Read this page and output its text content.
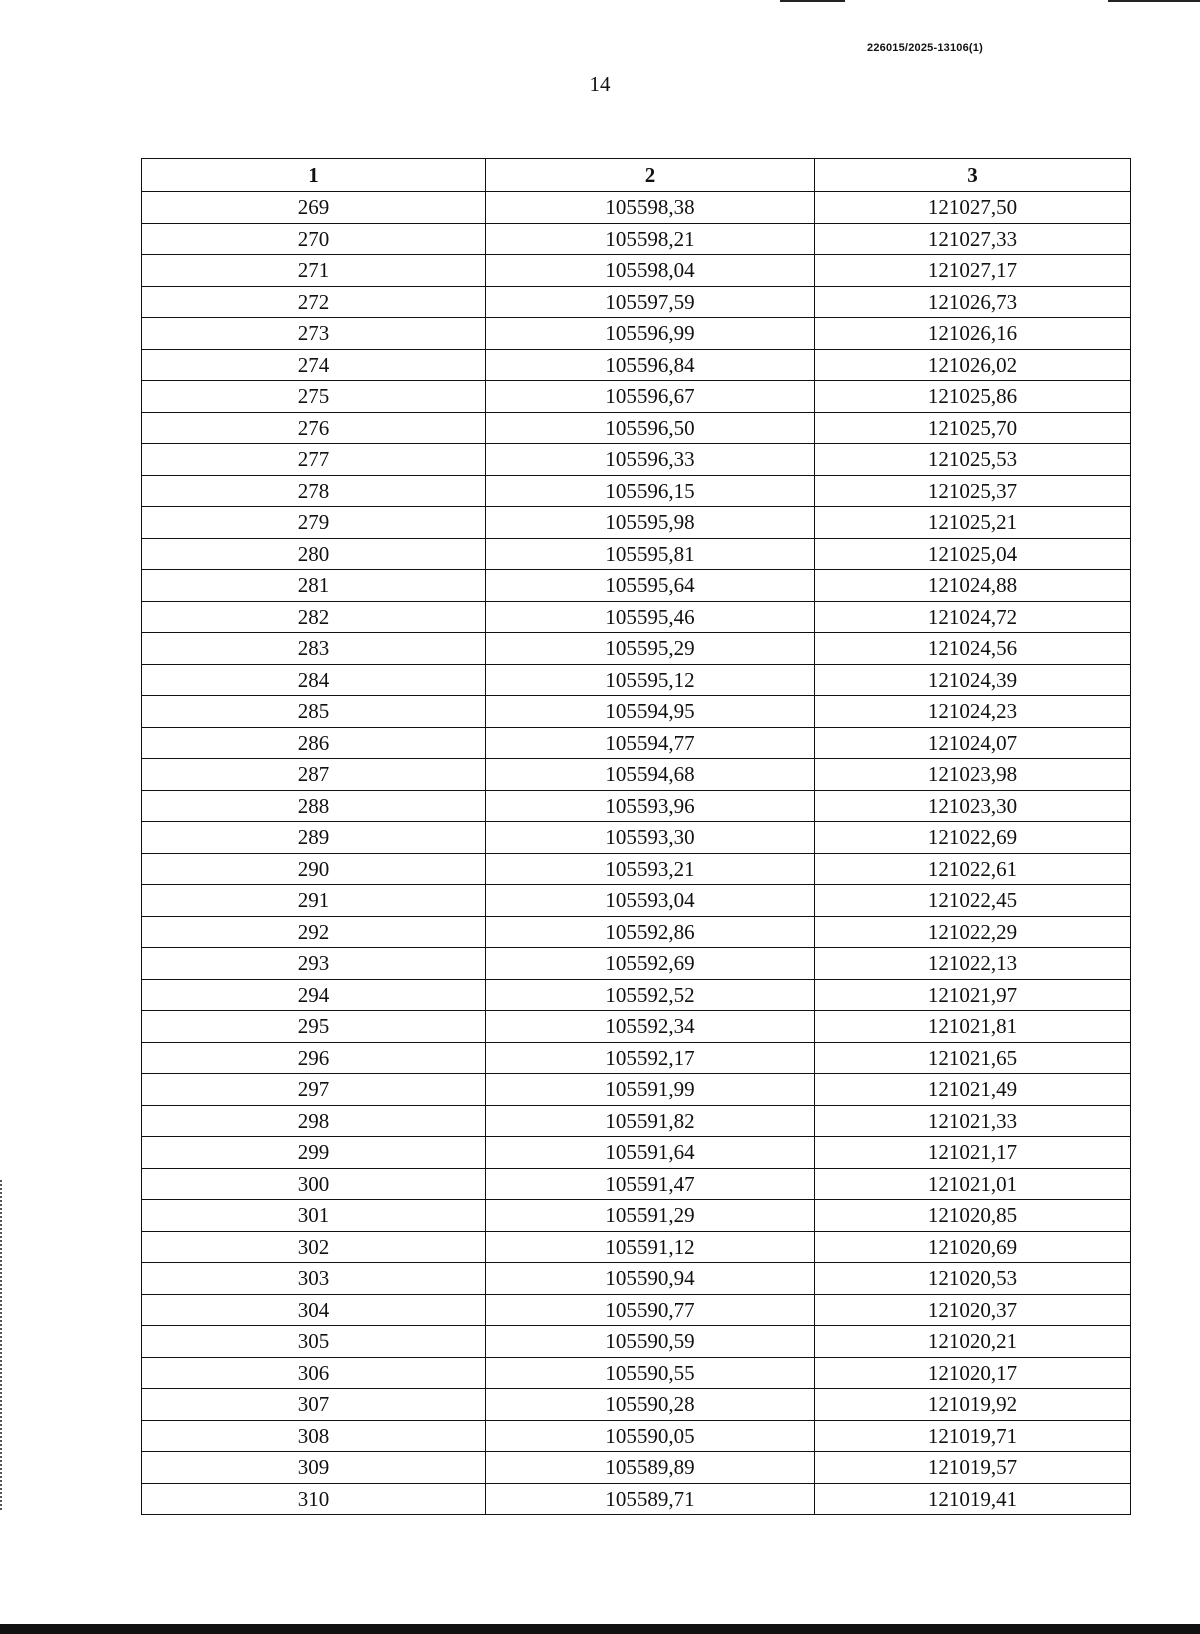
226015/2025-13106(1)
14
1	2	3
269	105598,38	121027,50
270	105598,21	121027,33
271	105598,04	121027,17
272	105597,59	121026,73
273	105596,99	121026,16
274	105596,84	121026,02
275	105596,67	121025,86
276	105596,50	121025,70
277	105596,33	121025,53
278	105596,15	121025,37
279	105595,98	121025,21
280	105595,81	121025,04
281	105595,64	121024,88
282	105595,46	121024,72
283	105595,29	121024,56
284	105595,12	121024,39
285	105594,95	121024,23
286	105594,77	121024,07
287	105594,68	121023,98
288	105593,96	121023,30
289	105593,30	121022,69
290	105593,21	121022,61
291	105593,04	121022,45
292	105592,86	121022,29
293	105592,69	121022,13
294	105592,52	121021,97
295	105592,34	121021,81
296	105592,17	121021,65
297	105591,99	121021,49
298	105591,82	121021,33
299	105591,64	121021,17
300	105591,47	121021,01
301	105591,29	121020,85
302	105591,12	121020,69
303	105590,94	121020,53
304	105590,77	121020,37
305	105590,59	121020,21
306	105590,55	121020,17
307	105590,28	121019,92
308	105590,05	121019,71
309	105589,89	121019,57
310	105589,71	121019,41
